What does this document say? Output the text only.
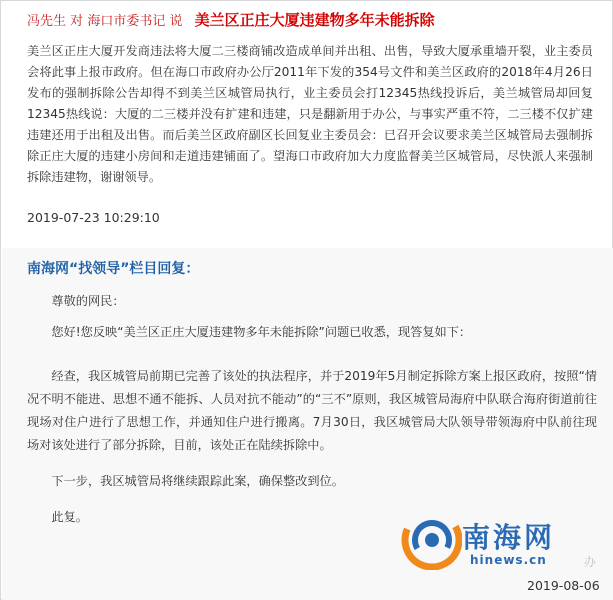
冯先生 对 海口市委书记 说 美兰区正庄大厦违建物多年未能拆除
美兰区正庄大厦开发商违法将大厦二三楼商铺改造成单间并出租、出售，导致大厦承重墙开裂，业主委员会将此事上报市政府。但在海口市政府办公厅2011年下发的354号文件和美兰区政府的2018年4月26日发布的强制拆除公告却得不到美兰区城管局执行，业主委员会打12345热线投诉后，美兰城管局却回复12345热线说：大厦的二三楼并没有扩建和违建，只是翻新用于办公，与事实严重不符，二三楼不仅扩建违建还用于出租及出售。而后美兰区政府副区长回复业主委员会：已召开会议要求美兰区城管局去强制拆除正庄大厦的违建小房间和走道违建铺面了。望海口市政府加大力度监督美兰区城管局，尽快派人来强制拆除违建物，谢谢领导。
2019-07-23 10:29:10
南海网“找领导”栏目回复：
尊敬的网民：
您好!您反映“美兰区正庄大厦违建物多年未能拆除”问题已收悉，现答复如下：
经查，我区城管局前期已完善了该处的执法程序，并于2019年5月制定拆除方案上报区政府，按照“情况不明不能进、思想不通不能拆、人员对抗不能动”的“三不”原则，我区城管局海府中队联合海府街道前往现场对住户进行了思想工作，并通知住户进行搬离。7月30日，我区城管局大队领导带领海府中队前往现场对该处进行了部分拆除，目前，该处正在陆续拆除中。
下一步，我区城管局将继续跟踪此案，确保整改到位。
此复。
南海网
hinews.cn	办
2019-08-06
